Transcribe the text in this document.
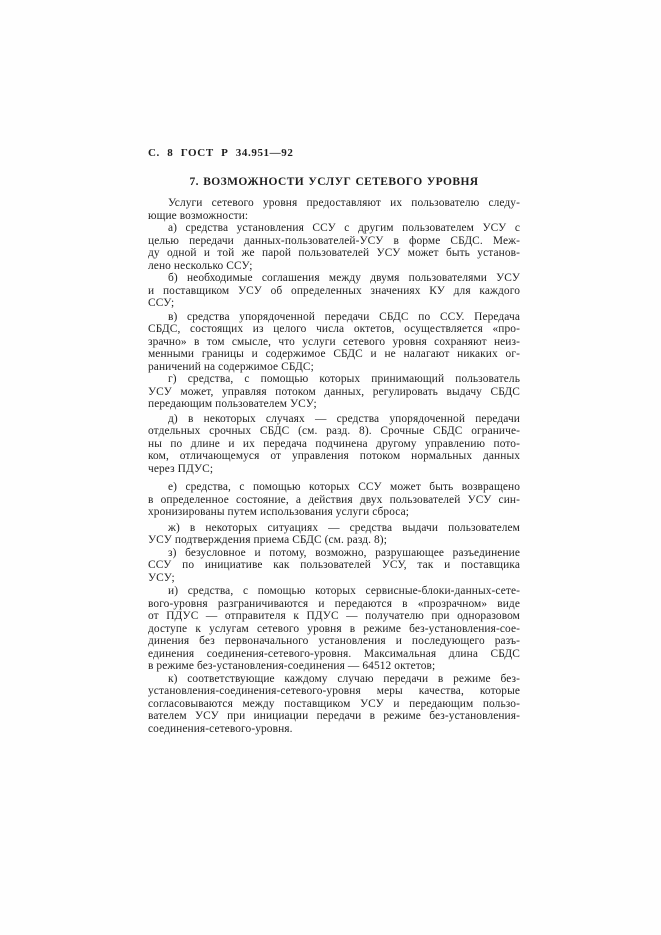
С. 8 ГОСТ Р 34.951—92
7. ВОЗМОЖНОСТИ УСЛУГ СЕТЕВОГО УРОВНЯ
Услуги сетевого уровня предоставляют их пользователю следу-
ющие возможности:
а) средства установления ССУ с другим пользователем УСУ с
целью передачи данных-пользователей-УСУ в форме СБДС. Меж-
ду одной и той же парой пользователей УСУ может быть установ-
лено несколько ССУ;
б) необходимые соглашения между двумя пользователями УСУ
и поставщиком УСУ об определенных значениях КУ для каждого
ССУ;
в) средства упорядоченной передачи СБДС по ССУ. Передача
СБДС, состоящих из целого числа октетов, осуществляется «про-
зрачно» в том смысле, что услуги сетевого уровня сохраняют неиз-
менными границы и содержимое СБДС и не налагают никаких ог-
раничений на содержимое СБДС;
г) средства, с помощью которых принимающий пользователь
УСУ может, управляя потоком данных, регулировать выдачу СБДС
передающим пользователем УСУ;
д) в некоторых случаях — средства упорядоченной передачи
отдельных срочных СБДС (см. разд. 8). Срочные СБДС ограниче-
ны по длине и их передача подчинена другому управлению пото-
ком, отличающемуся от управления потоком нормальных данных
через ПДУС;
е) средства, с помощью которых ССУ может быть возвращено
в определенное состояние, а действия двух пользователей УСУ син-
хронизированы путем использования услуги сброса;
ж) в некоторых ситуациях — средства выдачи пользователем
УСУ подтверждения приема СБДС (см. разд. 8);
з) безусловное и потому, возможно, разрушающее разъединение
ССУ по инициативе как пользователей УСУ, так и поставщика
УСУ;
и) средства, с помощью которых сервисные-блоки-данных-сете-
вого-уровня разграничиваются и передаются в «прозрачном» виде
от ПДУС — отправителя к ПДУС — получателю при одноразовом
доступе к услугам сетевого уровня в режиме без-установления-сое-
динения без первоначального установления и последующего разъ-
единения соединения-сетевого-уровня. Максимальная длина СБДС
в режиме без-установления-соединения — 64512 октетов;
к) соответствующие каждому случаю передачи в режиме без-
установления-соединения-сетевого-уровня меры качества, которые
согласовываются между поставщиком УСУ и передающим пользо-
вателем УСУ при инициации передачи в режиме без-установления-
соединения-сетевого-уровня.
